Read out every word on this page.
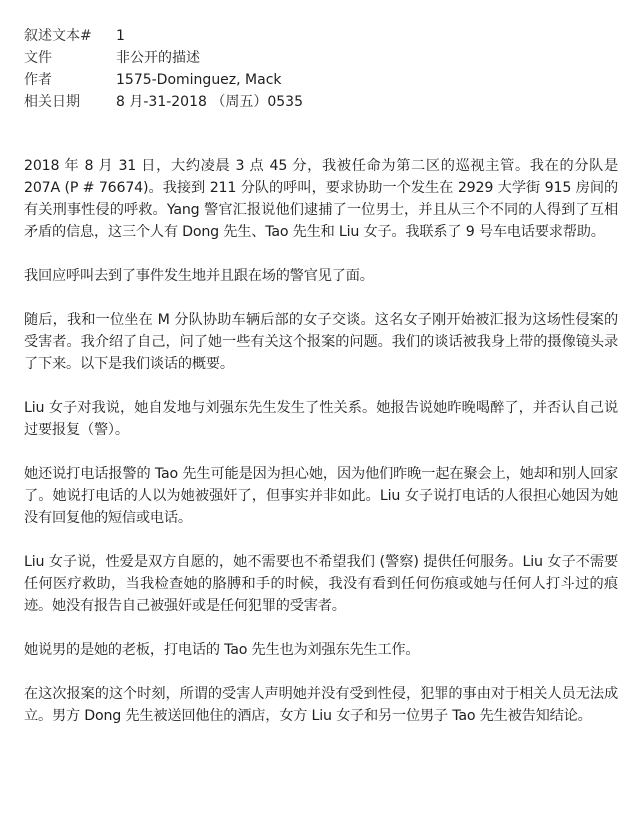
叙述文本#	1
文件	非公开的描述
作者	1575-Dominguez, Mack
相关日期	8 月-31-2018 （周五）0535

2018 年 8 月 31 日，大约凌晨 3 点 45 分，我被任命为第二区的巡视主管。我在的分队是 207A (P # 76674)。我接到 211 分队的呼叫，要求协助一个发生在 2929 大学街 915 房间的有关刑事性侵的呼救。Yang 警官汇报说他们逮捕了一位男士，并且从三个不同的人得到了互相矛盾的信息，这三个人有 Dong 先生、Tao 先生和 Liu 女子。我联系了 9 号车电话要求帮助。

我回应呼叫去到了事件发生地并且跟在场的警官见了面。

随后，我和一位坐在 M 分队协助车辆后部的女子交谈。这名女子刚开始被汇报为这场性侵案的受害者。我介绍了自己，问了她一些有关这个报案的问题。我们的谈话被我身上带的摄像镜头录了下来。以下是我们谈话的概要。

Liu 女子对我说，她自发地与刘强东先生发生了性关系。她报告说她昨晚喝醉了，并否认自己说过要报复（警）。

她还说打电话报警的 Tao 先生可能是因为担心她，因为他们昨晚一起在聚会上，她却和别人回家了。她说打电话的人以为她被强奸了，但事实并非如此。Liu 女子说打电话的人很担心她因为她没有回复他的短信或电话。

Liu 女子说，性爱是双方自愿的，她不需要也不希望我们 (警察) 提供任何服务。Liu 女子不需要任何医疗救助，当我检查她的胳膊和手的时候，我没有看到任何伤痕或她与任何人打斗过的痕迹。她没有报告自己被强奸或是任何犯罪的受害者。

她说男的是她的老板，打电话的 Tao 先生也为刘强东先生工作。

在这次报案的这个时刻，所谓的受害人声明她并没有受到性侵，犯罪的事由对于相关人员无法成立。男方 Dong 先生被送回他住的酒店，女方 Liu 女子和另一位男子 Tao 先生被告知结论。
